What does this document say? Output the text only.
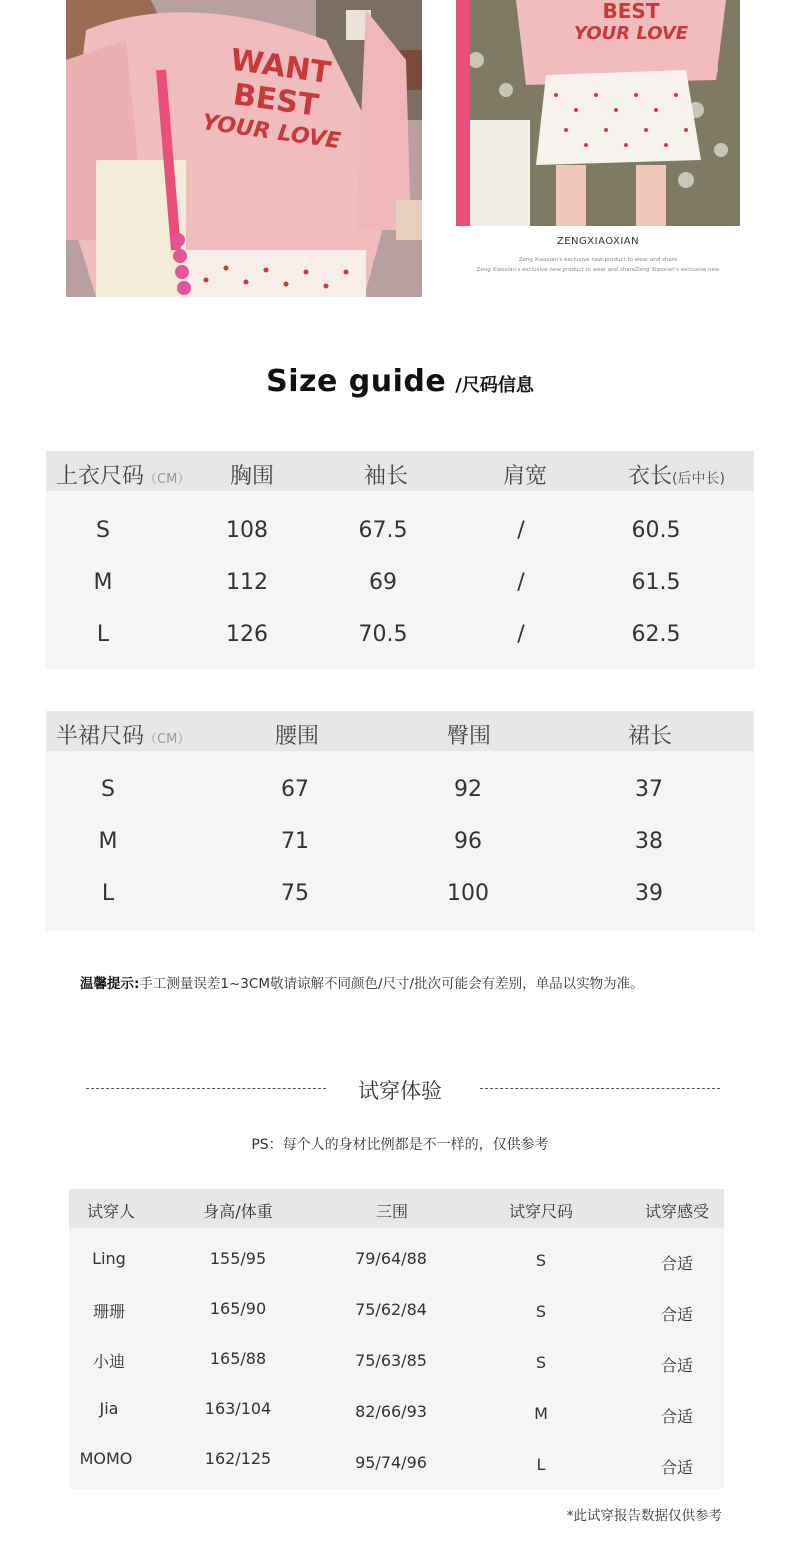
WANT
BEST
YOUR LOVE
BEST
YOUR LOVE
ZENGXIAOXIAN
Zeng Xiaoxian's exclusive new product to wear and share
Zeng Xiaoxian's exclusive new product to wear and shareZeng Xiaoxian's exclusive new
Size guide /尺码信息
上衣尺码（CM）	胸围	袖长	肩宽	衣长(后中长)
S	108	67.5	/	60.5
M	112	69	/	61.5
L	126	70.5	/	62.5
半裙尺码（CM）	腰围	臀围	裙长
S	67	92	37
M	71	96	38
L	75	100	39
温馨提示:手工测量误差1~3CM敬请谅解不同颜色/尺寸/批次可能会有差别，单品以实物为准。
试穿体验
PS：每个人的身材比例都是不一样的，仅供参考
试穿人	身高/体重	三围	试穿尺码	试穿感受
Ling	155/95	79/64/88	S	合适
珊珊	165/90	75/62/84	S	合适
小迪	165/88	75/63/85	S	合适
Jia	163/104	82/66/93	M	合适
MOMO	162/125	95/74/96	L	合适
*此试穿报告数据仅供参考
